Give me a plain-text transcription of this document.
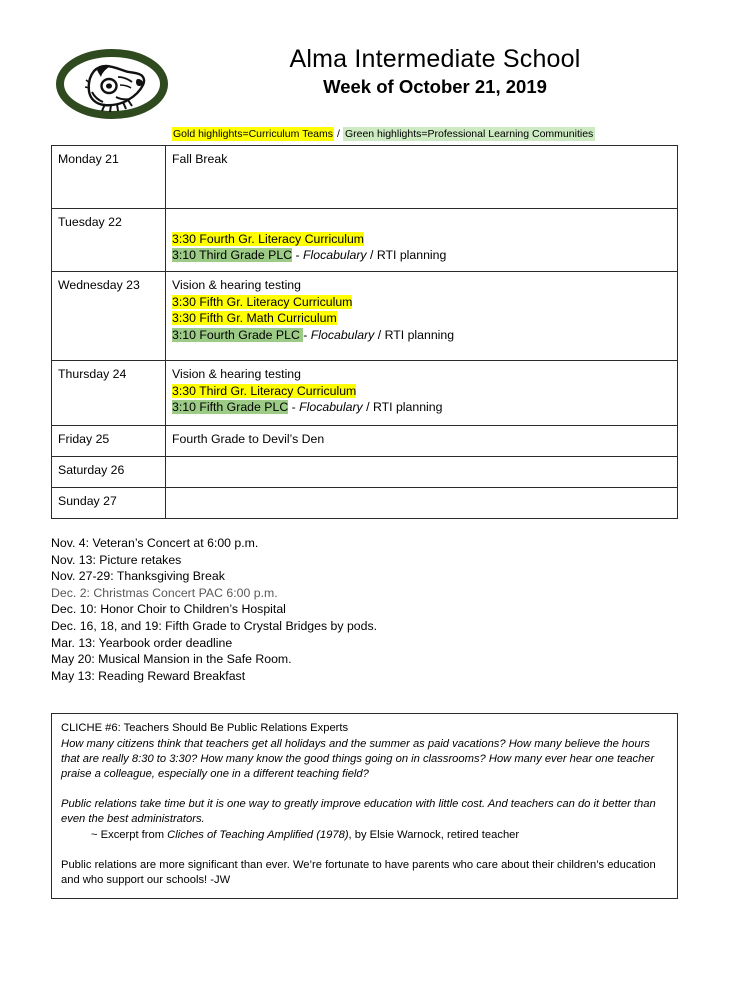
Alma Intermediate School
Week of October 21, 2019
Gold highlights=Curriculum Teams / Green highlights=Professional Learning Communities
Monday 21	Fall Break

Tuesday 22	3:30 Fourth Gr. Literacy Curriculum
3:10 Third Grade PLC - Flocabulary / RTI planning

Wednesday 23	Vision & hearing testing
3:30 Fifth Gr. Literacy Curriculum
3:30 Fifth Gr. Math Curriculum
3:10 Fourth Grade PLC - Flocabulary / RTI planning

Thursday 24	Vision & hearing testing
3:30 Third Gr. Literacy Curriculum
3:10 Fifth Grade PLC - Flocabulary / RTI planning

Friday 25	Fourth Grade to Devil’s Den

Saturday 26	
Sunday 27	
Nov. 4: Veteran’s Concert at 6:00 p.m.
Nov. 13: Picture retakes
Nov. 27-29: Thanksgiving Break
Dec. 2: Christmas Concert PAC 6:00 p.m.
Dec. 10: Honor Choir to Children’s Hospital
Dec. 16, 18, and 19: Fifth Grade to Crystal Bridges by pods.
Mar. 13: Yearbook order deadline
May 20: Musical Mansion in the Safe Room.
May 13: Reading Reward Breakfast

CLICHE #6: Teachers Should Be Public Relations Experts

How many citizens think that teachers get all holidays and the summer as paid vacations? How many believe the hours that are really 8:30 to 3:30? How many know the good things going on in classrooms? How many ever hear one teacher praise a colleague, especially one in a different teaching field?

Public relations take time but it is one way to greatly improve education with little cost. And teachers can do it better than even the best administrators.

~ Excerpt from Cliches of Teaching Amplified (1978), by Elsie Warnock, retired teacher

Public relations are more significant than ever. We’re fortunate to have parents who care about their children’s education and who support our schools! -JW
